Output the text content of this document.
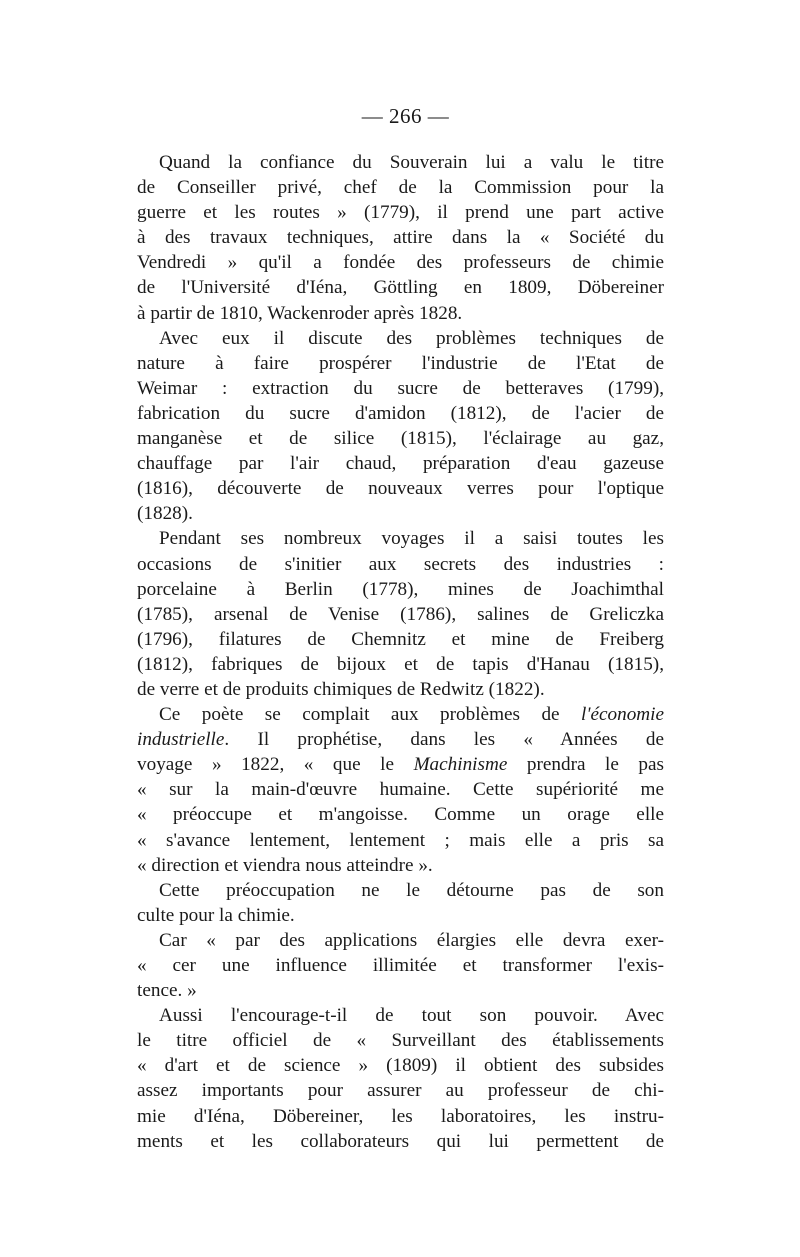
— 266 —
Quand la confiance du Souverain lui a valu le titre
de Conseiller privé, chef de la Commission pour la
guerre et les routes » (1779), il prend une part active
à des travaux techniques, attire dans la « Société du
Vendredi » qu'il a fondée des professeurs de chimie
de l'Université d'Iéna, Göttling en 1809, Döbereiner
à partir de 1810, Wackenroder après 1828.
Avec eux il discute des problèmes techniques de
nature à faire prospérer l'industrie de l'Etat de
Weimar : extraction du sucre de betteraves (1799),
fabrication du sucre d'amidon (1812), de l'acier de
manganèse et de silice (1815), l'éclairage au gaz,
chauffage par l'air chaud, préparation d'eau gazeuse
(1816), découverte de nouveaux verres pour l'optique
(1828).
Pendant ses nombreux voyages il a saisi toutes les
occasions de s'initier aux secrets des industries :
porcelaine à Berlin (1778), mines de Joachimthal
(1785), arsenal de Venise (1786), salines de Greliczka
(1796), filatures de Chemnitz et mine de Freiberg
(1812), fabriques de bijoux et de tapis d'Hanau (1815),
de verre et de produits chimiques de Redwitz (1822).
Ce poète se complait aux problèmes de l'économie
industrielle. Il prophétise, dans les « Années de
voyage » 1822, « que le Machinisme prendra le pas
« sur la main-d'œuvre humaine. Cette supériorité me
« préoccupe et m'angoisse. Comme un orage elle
« s'avance lentement, lentement ; mais elle a pris sa
« direction et viendra nous atteindre ».
Cette préoccupation ne le détourne pas de son
culte pour la chimie.
Car « par des applications élargies elle devra exer-
« cer une influence illimitée et transformer l'exis-
tence. »
Aussi l'encourage-t-il de tout son pouvoir. Avec
le titre officiel de « Surveillant des établissements
« d'art et de science » (1809) il obtient des subsides
assez importants pour assurer au professeur de chi-
mie d'Iéna, Döbereiner, les laboratoires, les instru-
ments et les collaborateurs qui lui permettent de
